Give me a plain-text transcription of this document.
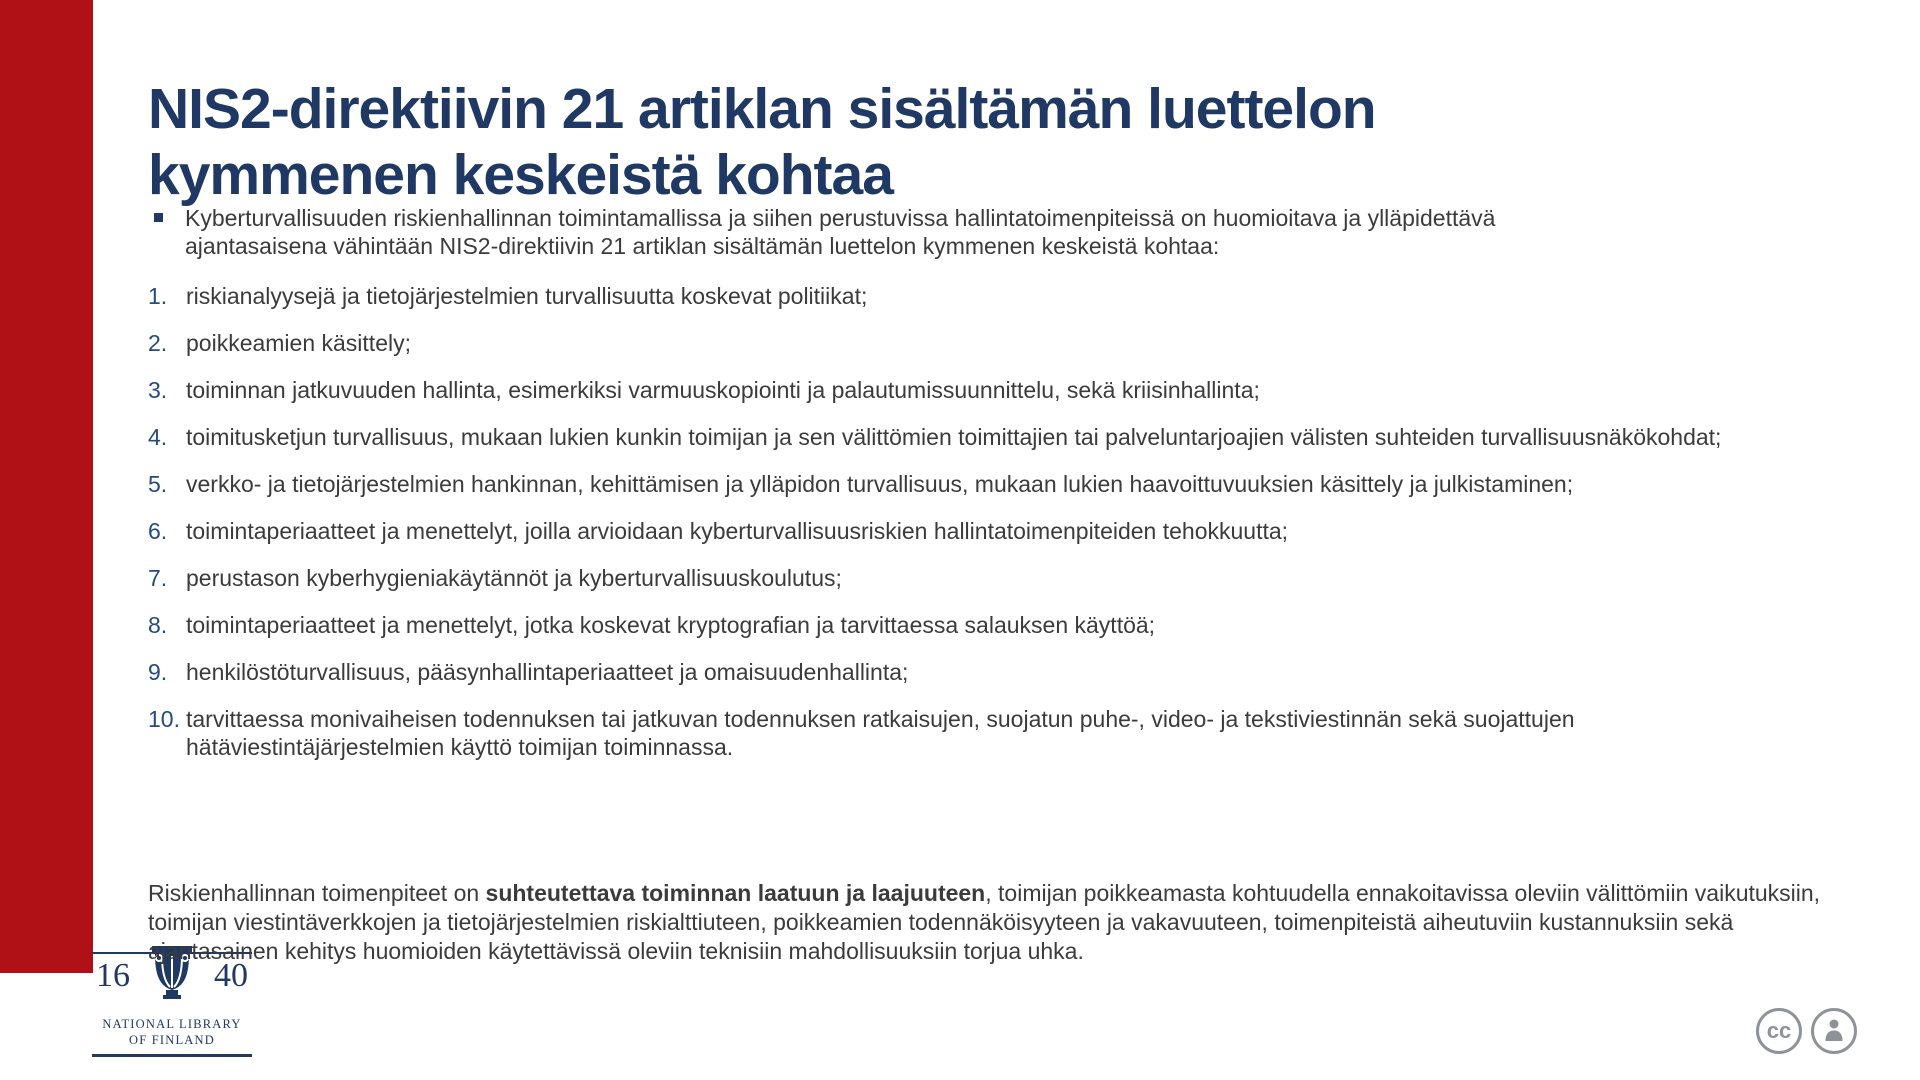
NIS2-direktiivin 21 artiklan sisältämän luettelon
kymmenen keskeistä kohtaa
Kyberturvallisuuden riskienhallinnan toimintamallissa ja siihen perustuvissa hallintatoimenpiteissä on huomioitava ja ylläpidettävä
ajantasaisena vähintään NIS2-direktiivin 21 artiklan sisältämän luettelon kymmenen keskeistä kohtaa:
1. riskianalyysejä ja tietojärjestelmien turvallisuutta koskevat politiikat;
2. poikkeamien käsittely;
3. toiminnan jatkuvuuden hallinta, esimerkiksi varmuuskopiointi ja palautumissuunnittelu, sekä kriisinhallinta;
4. toimitusketjun turvallisuus, mukaan lukien kunkin toimijan ja sen välittömien toimittajien tai palveluntarjoajien välisten suhteiden turvallisuusnäkökohdat;
5. verkko- ja tietojärjestelmien hankinnan, kehittämisen ja ylläpidon turvallisuus, mukaan lukien haavoittuvuuksien käsittely ja julkistaminen;
6. toimintaperiaatteet ja menettelyt, joilla arvioidaan kyberturvallisuusriskien hallintatoimenpiteiden tehokkuutta;
7. perustason kyberhygieniakäytännöt ja kyberturvallisuuskoulutus;
8. toimintaperiaatteet ja menettelyt, jotka koskevat kryptografian ja tarvittaessa salauksen käyttöä;
9. henkilöstöturvallisuus, pääsynhallintaperiaatteet ja omaisuudenhallinta;
10. tarvittaessa monivaiheisen todennuksen tai jatkuvan todennuksen ratkaisujen, suojatun puhe-, video- ja tekstiviestinnän sekä suojattujen hätäviestintäjärjestelmien käyttö toimijan toiminnassa.

Riskienhallinnan toimenpiteet on suhteutettava toiminnan laatuun ja laajuuteen, toimijan poikkeamasta kohtuudella ennakoitavissa oleviin välittömiin vaikutuksiin, toimijan viestintäverkkojen ja tietojärjestelmien riskialttiuteen, poikkeamien todennäköisyyteen ja vakavuuteen, toimenpiteistä aiheutuviin kustannuksiin sekä ajantasainen kehitys huomioiden käytettävissä oleviin teknisiin mahdollisuuksiin torjua uhka.

16 40
NATIONAL LIBRARY
OF FINLAND	cc
